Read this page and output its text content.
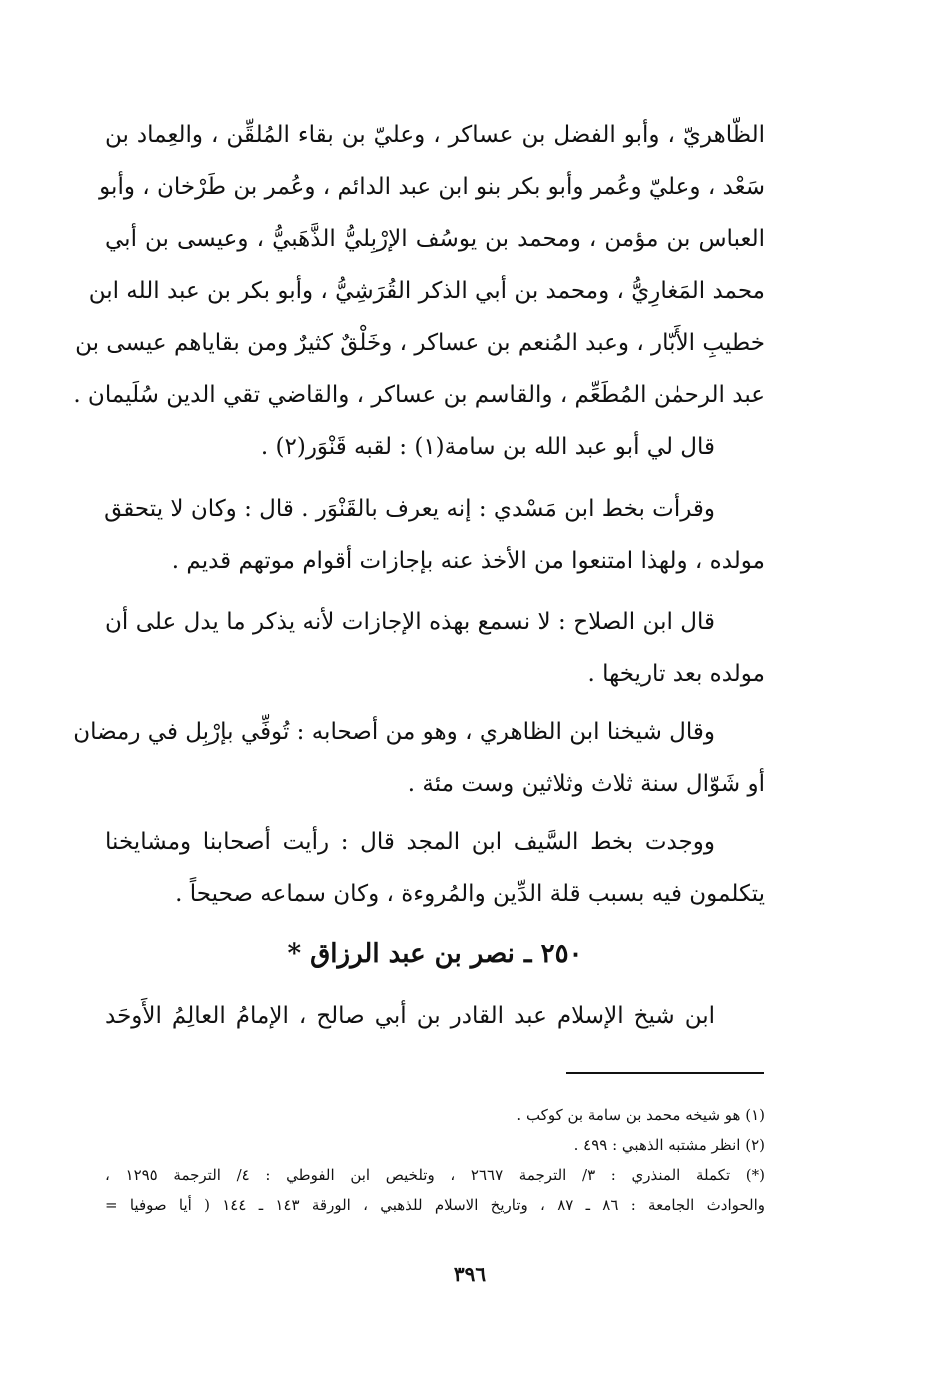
الظّاهريّ ، وأبو الفضل بن عساكر ، وعليّ بن بقاء المُلقِّن ، والعِماد بن
سَعْد ، وعليّ وعُمر وأبو بكر بنو ابن عبد الدائم ، وعُمر بن طَرْخان ، وأبو
العباس بن مؤمن ، ومحمد بن يوسُف الإرْبِليُّ الذَّهَبيُّ ، وعيسى بن أبي
محمد المَغارِيُّ ، ومحمد بن أبي الذكر القُرَشِيُّ ، وأبو بكر بن عبد الله ابن
خطيبِ الأَبّار ، وعبد المُنعم بن عساكر ، وخَلْقٌ كثيرٌ ومن بقاياهم عيسى بن
عبد الرحمٰن المُطَعِّم ، والقاسم بن عساكر ، والقاضي تقي الدين سُلَيمان .
قال لي أبو عبد الله بن سامة(١) : لقبه قَنْوَر(٢) .
وقرأت بخط ابن مَسْدي : إنه يعرف بالقَنْوَر . قال : وكان لا يتحقق
مولده ، ولهذا امتنعوا من الأخذ عنه بإجازات أقوام موتهم قديم .
قال ابن الصلاح : لا نسمع بهذه الإجازات لأنه يذكر ما يدل على أن
مولده بعد تاريخها .
وقال شيخنا ابن الظاهري ، وهو من أصحابه : تُوفِّي بإرْبِل في رمضان
أو شَوّال سنة ثلاث وثلاثين وست مئة .
ووجدت بخط السَّيف ابن المجد قال : رأيت أصحابنا ومشايخنا
يتكلمون فيه بسبب قلة الدِّين والمُروءة ، وكان سماعه صحيحاً .
٢٥٠ ـ نصر بن عبد الرزاق *
ابن شيخ الإسلام عبد القادر بن أبي صالح ، الإمامُ العالِمُ الأَوحَد
(١) هو شيخه محمد بن سامة بن كوكب .
(٢) انظر مشتبه الذهبي : ٤٩٩ .
(*) تكملة المنذري : ٣/ الترجمة ٢٦٦٧ ، وتلخيص ابن الفوطي : ٤/ الترجمة ١٢٩٥ ،
والحوادث الجامعة : ٨٦ ـ ٨٧ ، وتاريخ الاسلام للذهبي ، الورقة ١٤٣ ـ ١٤٤ ( أيا صوفيا =
٣٩٦
